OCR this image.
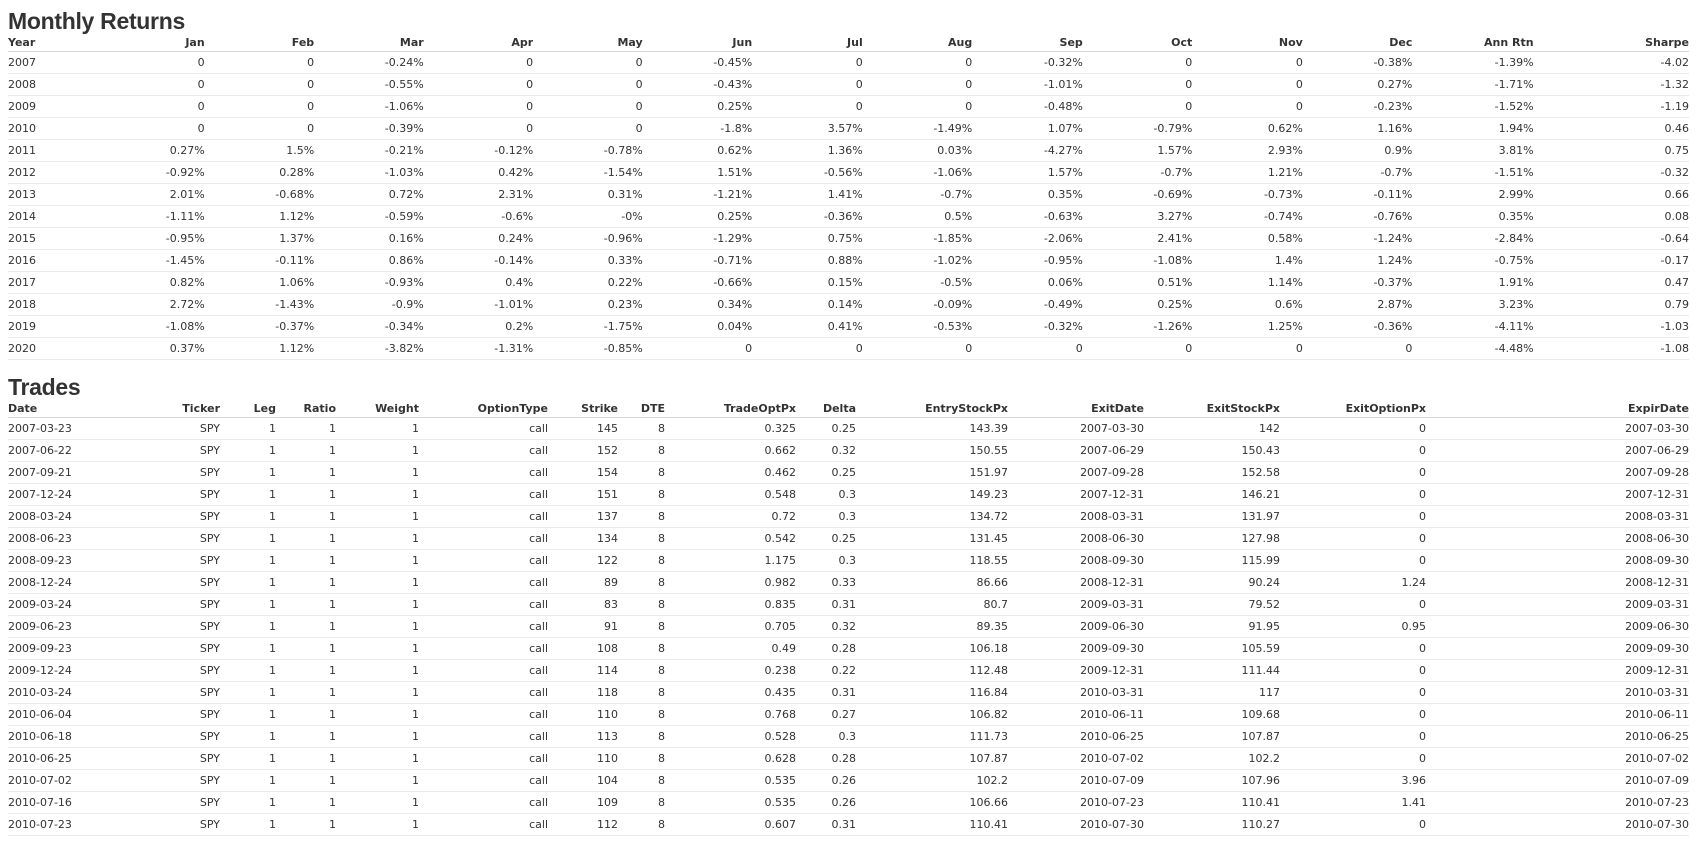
Monthly Returns
Year	Jan	Feb	Mar	Apr	May	Jun	Jul	Aug	Sep	Oct	Nov	Dec	Ann Rtn	Sharpe
2007	0	0	-0.24%	0	0	-0.45%	0	0	-0.32%	0	0	-0.38%	-1.39%	-4.02
2008	0	0	-0.55%	0	0	-0.43%	0	0	-1.01%	0	0	0.27%	-1.71%	-1.32
2009	0	0	-1.06%	0	0	0.25%	0	0	-0.48%	0	0	-0.23%	-1.52%	-1.19
2010	0	0	-0.39%	0	0	-1.8%	3.57%	-1.49%	1.07%	-0.79%	0.62%	1.16%	1.94%	0.46
2011	0.27%	1.5%	-0.21%	-0.12%	-0.78%	0.62%	1.36%	0.03%	-4.27%	1.57%	2.93%	0.9%	3.81%	0.75
2012	-0.92%	0.28%	-1.03%	0.42%	-1.54%	1.51%	-0.56%	-1.06%	1.57%	-0.7%	1.21%	-0.7%	-1.51%	-0.32
2013	2.01%	-0.68%	0.72%	2.31%	0.31%	-1.21%	1.41%	-0.7%	0.35%	-0.69%	-0.73%	-0.11%	2.99%	0.66
2014	-1.11%	1.12%	-0.59%	-0.6%	-0%	0.25%	-0.36%	0.5%	-0.63%	3.27%	-0.74%	-0.76%	0.35%	0.08
2015	-0.95%	1.37%	0.16%	0.24%	-0.96%	-1.29%	0.75%	-1.85%	-2.06%	2.41%	0.58%	-1.24%	-2.84%	-0.64
2016	-1.45%	-0.11%	0.86%	-0.14%	0.33%	-0.71%	0.88%	-1.02%	-0.95%	-1.08%	1.4%	1.24%	-0.75%	-0.17
2017	0.82%	1.06%	-0.93%	0.4%	0.22%	-0.66%	0.15%	-0.5%	0.06%	0.51%	1.14%	-0.37%	1.91%	0.47
2018	2.72%	-1.43%	-0.9%	-1.01%	0.23%	0.34%	0.14%	-0.09%	-0.49%	0.25%	0.6%	2.87%	3.23%	0.79
2019	-1.08%	-0.37%	-0.34%	0.2%	-1.75%	0.04%	0.41%	-0.53%	-0.32%	-1.26%	1.25%	-0.36%	-4.11%	-1.03
2020	0.37%	1.12%	-3.82%	-1.31%	-0.85%	0	0	0	0	0	0	0	-4.48%	-1.08
Trades
Date	Ticker	Leg	Ratio	Weight	OptionType	Strike	DTE	TradeOptPx	Delta	EntryStockPx	ExitDate	ExitStockPx	ExitOptionPx	ExpirDate
2007-03-23	SPY	1	1	1	call	145	8	0.325	0.25	143.39	2007-03-30	142	0	2007-03-30
2007-06-22	SPY	1	1	1	call	152	8	0.662	0.32	150.55	2007-06-29	150.43	0	2007-06-29
2007-09-21	SPY	1	1	1	call	154	8	0.462	0.25	151.97	2007-09-28	152.58	0	2007-09-28
2007-12-24	SPY	1	1	1	call	151	8	0.548	0.3	149.23	2007-12-31	146.21	0	2007-12-31
2008-03-24	SPY	1	1	1	call	137	8	0.72	0.3	134.72	2008-03-31	131.97	0	2008-03-31
2008-06-23	SPY	1	1	1	call	134	8	0.542	0.25	131.45	2008-06-30	127.98	0	2008-06-30
2008-09-23	SPY	1	1	1	call	122	8	1.175	0.3	118.55	2008-09-30	115.99	0	2008-09-30
2008-12-24	SPY	1	1	1	call	89	8	0.982	0.33	86.66	2008-12-31	90.24	1.24	2008-12-31
2009-03-24	SPY	1	1	1	call	83	8	0.835	0.31	80.7	2009-03-31	79.52	0	2009-03-31
2009-06-23	SPY	1	1	1	call	91	8	0.705	0.32	89.35	2009-06-30	91.95	0.95	2009-06-30
2009-09-23	SPY	1	1	1	call	108	8	0.49	0.28	106.18	2009-09-30	105.59	0	2009-09-30
2009-12-24	SPY	1	1	1	call	114	8	0.238	0.22	112.48	2009-12-31	111.44	0	2009-12-31
2010-03-24	SPY	1	1	1	call	118	8	0.435	0.31	116.84	2010-03-31	117	0	2010-03-31
2010-06-04	SPY	1	1	1	call	110	8	0.768	0.27	106.82	2010-06-11	109.68	0	2010-06-11
2010-06-18	SPY	1	1	1	call	113	8	0.528	0.3	111.73	2010-06-25	107.87	0	2010-06-25
2010-06-25	SPY	1	1	1	call	110	8	0.628	0.28	107.87	2010-07-02	102.2	0	2010-07-02
2010-07-02	SPY	1	1	1	call	104	8	0.535	0.26	102.2	2010-07-09	107.96	3.96	2010-07-09
2010-07-16	SPY	1	1	1	call	109	8	0.535	0.26	106.66	2010-07-23	110.41	1.41	2010-07-23
2010-07-23	SPY	1	1	1	call	112	8	0.607	0.31	110.41	2010-07-30	110.27	0	2010-07-30
